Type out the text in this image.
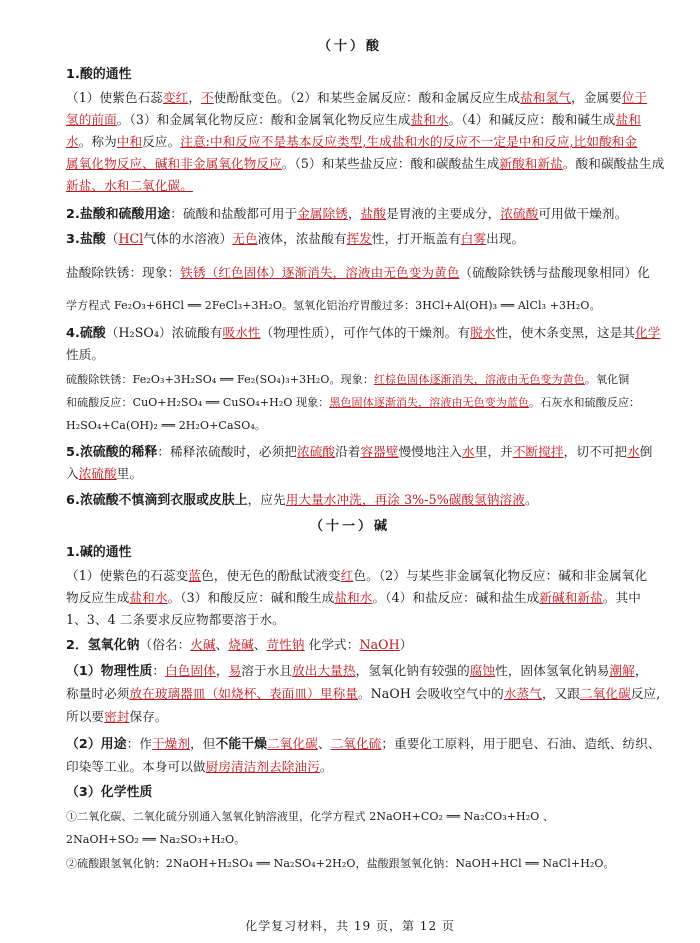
（十）酸
1.酸的通性
（1）使紫色石蕊变红，不使酚酞变色。（2）和某些金属反应：酸和金属反应生成盐和氢气，金属要位于
氢的前面。（3）和金属氧化物反应：酸和金属氧化物反应生成盐和水。（4）和碱反应：酸和碱生成盐和
水。称为中和反应。注意:中和反应不是基本反应类型,生成盐和水的反应不一定是中和反应,比如酸和金
属氧化物反应、碱和非金属氧化物反应。（5）和某些盐反应：酸和碳酸盐生成新酸和新盐。酸和碳酸盐生成
新盐、水和二氧化碳。
2.盐酸和硫酸用途：硫酸和盐酸都可用于金属除锈，盐酸是胃液的主要成分，浓硫酸可用做干燥剂。
3.盐酸（HCl气体的水溶液）无色液体，浓盐酸有挥发性，打开瓶盖有白雾出现。
盐酸除铁锈：现象：铁锈（红色固体）逐渐消失，溶液由无色变为黄色（硫酸除铁锈与盐酸现象相同）化
学方程式 Fe₂O₃+6HCl ══ 2FeCl₃+3H₂O。氢氧化铝治疗胃酸过多：3HCl+Al(OH)₃ ══ AlCl₃ +3H₂O。
4.硫酸（H₂SO₄）浓硫酸有吸水性（物理性质），可作气体的干燥剂。有脱水性，使木条变黑，这是其化学
性质。
硫酸除铁锈：Fe₂O₃+3H₂SO₄ ══ Fe₂(SO₄)₃+3H₂O。现象：红棕色固体逐渐消失，溶液由无色变为黄色。氧化铜
和硫酸反应：CuO+H₂SO₄ ══ CuSO₄+H₂O 现象：黑色固体逐渐消失，溶液由无色变为蓝色。石灰水和硫酸反应：
H₂SO₄+Ca(OH)₂ ══ 2H₂O+CaSO₄。
5.浓硫酸的稀释：稀释浓硫酸时，必须把浓硫酸沿着容器壁慢慢地注入水里，并不断搅拌，切不可把水倒
入浓硫酸里。
6.浓硫酸不慎滴到衣服或皮肤上，应先用大量水冲洗，再涂 3%-5%碳酸氢钠溶液。
（十一）碱
1.碱的通性
（1）使紫色的石蕊变蓝色，使无色的酚酞试液变红色。（2）与某些非金属氧化物反应：碱和非金属氧化
物反应生成盐和水。（3）和酸反应：碱和酸生成盐和水。（4）和盐反应：碱和盐生成新碱和新盐。其中
1、3、4 二条要求反应物都要溶于水。
2．氢氧化钠（俗名：火碱、烧碱、苛性钠 化学式：NaOH）
（1）物理性质：白色固体，易溶于水且放出大量热，氢氧化钠有较强的腐蚀性，固体氢氧化钠易潮解，
称量时必须放在玻璃器皿（如烧杯、表面皿）里称量。NaOH 会吸收空气中的水蒸气，又跟二氧化碳反应,
所以要密封保存。
（2）用途：作干燥剂，但不能干燥二氧化碳、二氧化硫；重要化工原料，用于肥皂、石油、造纸、纺织、
印染等工业。本身可以做厨房清洁剂去除油污。
（3）化学性质
①二氧化碳、二氧化硫分别通入氢氧化钠溶液里，化学方程式 2NaOH+CO₂ ══ Na₂CO₃+H₂O 、
2NaOH+SO₂ ══ Na₂SO₃+H₂O。
②硫酸跟氢氧化钠：2NaOH+H₂SO₄ ══ Na₂SO₄+2H₂O，盐酸跟氢氧化钠：NaOH+HCl ══ NaCl+H₂O。
化学复习材料，共 19 页，第 12 页
